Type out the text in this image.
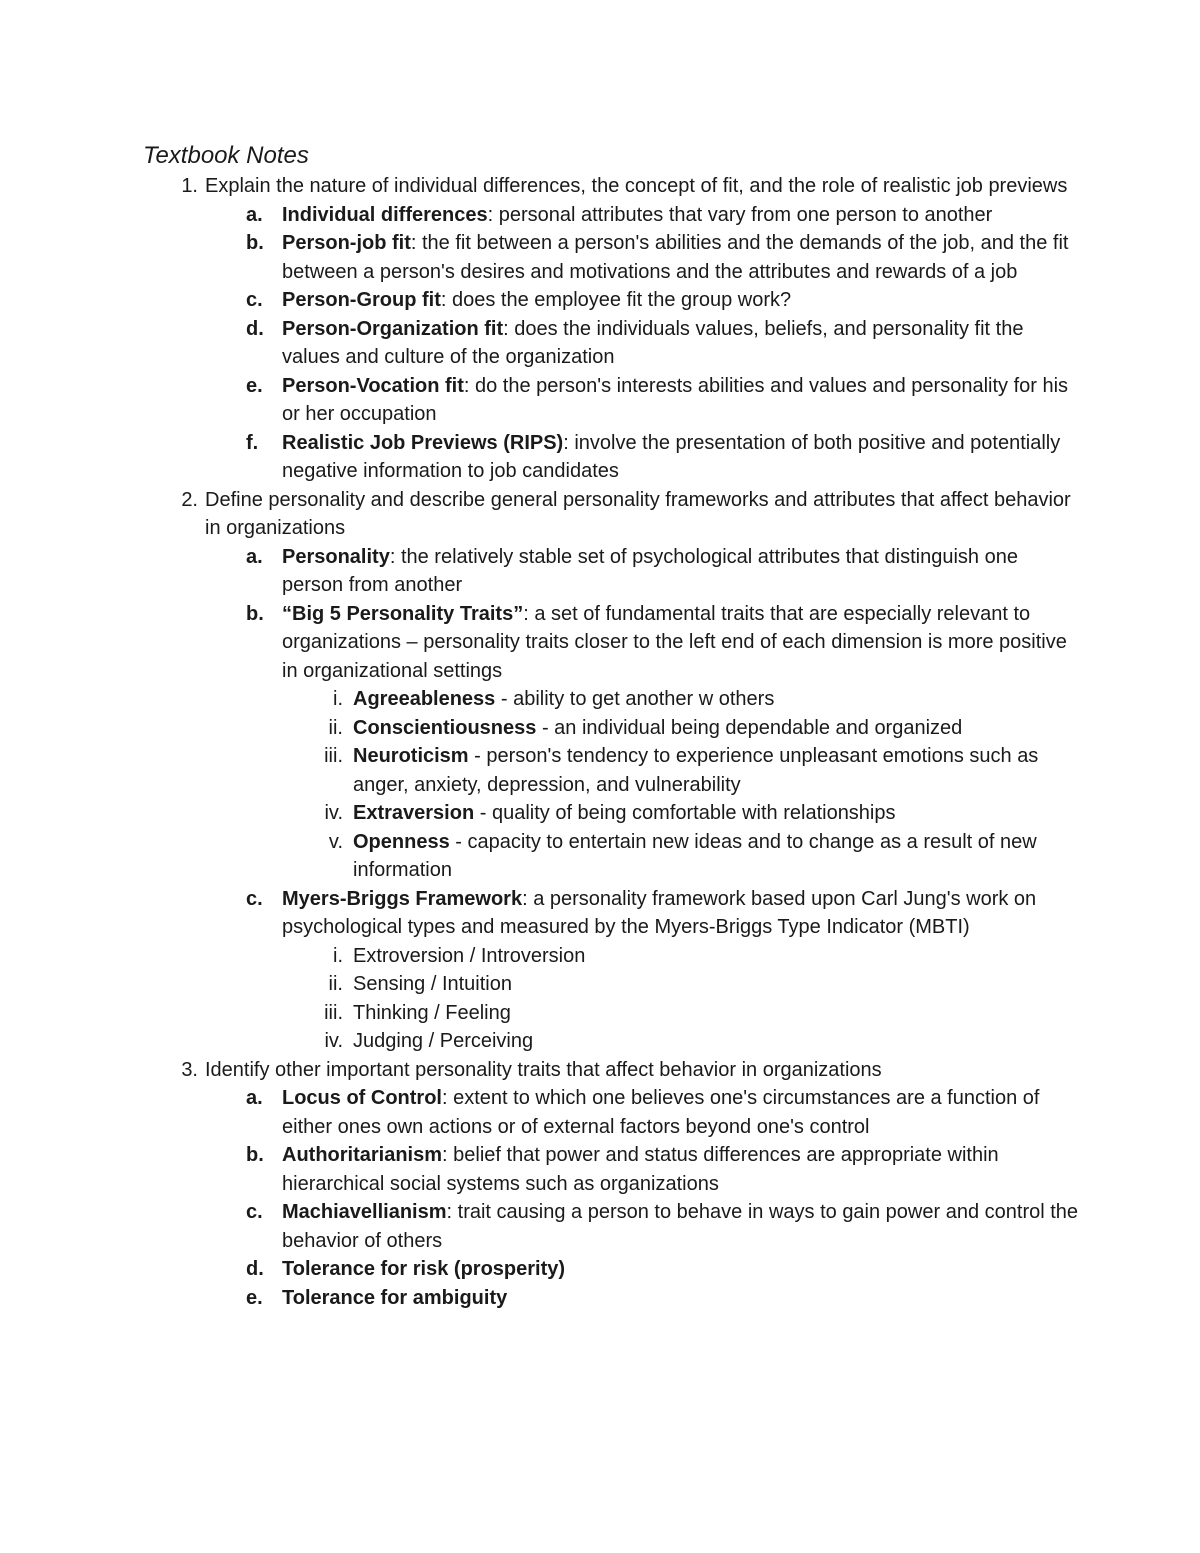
Textbook Notes
1. Explain the nature of individual differences, the concept of fit, and the role of realistic job previews
a. Individual differences: personal attributes that vary from one person to another
b. Person-job fit: the fit between a person's abilities and the demands of the job, and the fit between a person's desires and motivations and the attributes and rewards of a job
c. Person-Group fit: does the employee fit the group work?
d. Person-Organization fit: does the individuals values, beliefs, and personality fit the values and culture of the organization
e. Person-Vocation fit: do the person's interests abilities and values and personality for his or her occupation
f.	Realistic Job Previews (RIPS): involve the presentation of both positive and potentially negative information to job candidates
2. Define personality and describe general personality frameworks and attributes that affect behavior in organizations
a. Personality: the relatively stable set of psychological attributes that distinguish one person from another
b. “Big 5 Personality Traits”: a set of fundamental traits that are especially relevant to organizations – personality traits closer to the left end of each dimension is more positive in organizational settings
i. Agreeableness - ability to get another w others
ii. Conscientiousness - an individual being dependable and organized
iii. Neuroticism - person's tendency to experience unpleasant emotions such as anger, anxiety, depression, and vulnerability
iv. Extraversion - quality of being comfortable with relationships
v. Openness - capacity to entertain new ideas and to change as a result of new information
c. Myers-Briggs Framework: a personality framework based upon Carl Jung's work on psychological types and measured by the Myers-Briggs Type Indicator (MBTI)
i. Extroversion / Introversion
ii. Sensing / Intuition
iii. Thinking / Feeling
iv. Judging / Perceiving
3. Identify other important personality traits that affect behavior in organizations
a. Locus of Control: extent to which one believes one's circumstances are a function of either ones own actions or of external factors beyond one's control
b. Authoritarianism: belief that power and status differences are appropriate within hierarchical social systems such as organizations
c. Machiavellianism: trait causing a person to behave in ways to gain power and control the behavior of others
d. Tolerance for risk (prosperity)
e. Tolerance for ambiguity
